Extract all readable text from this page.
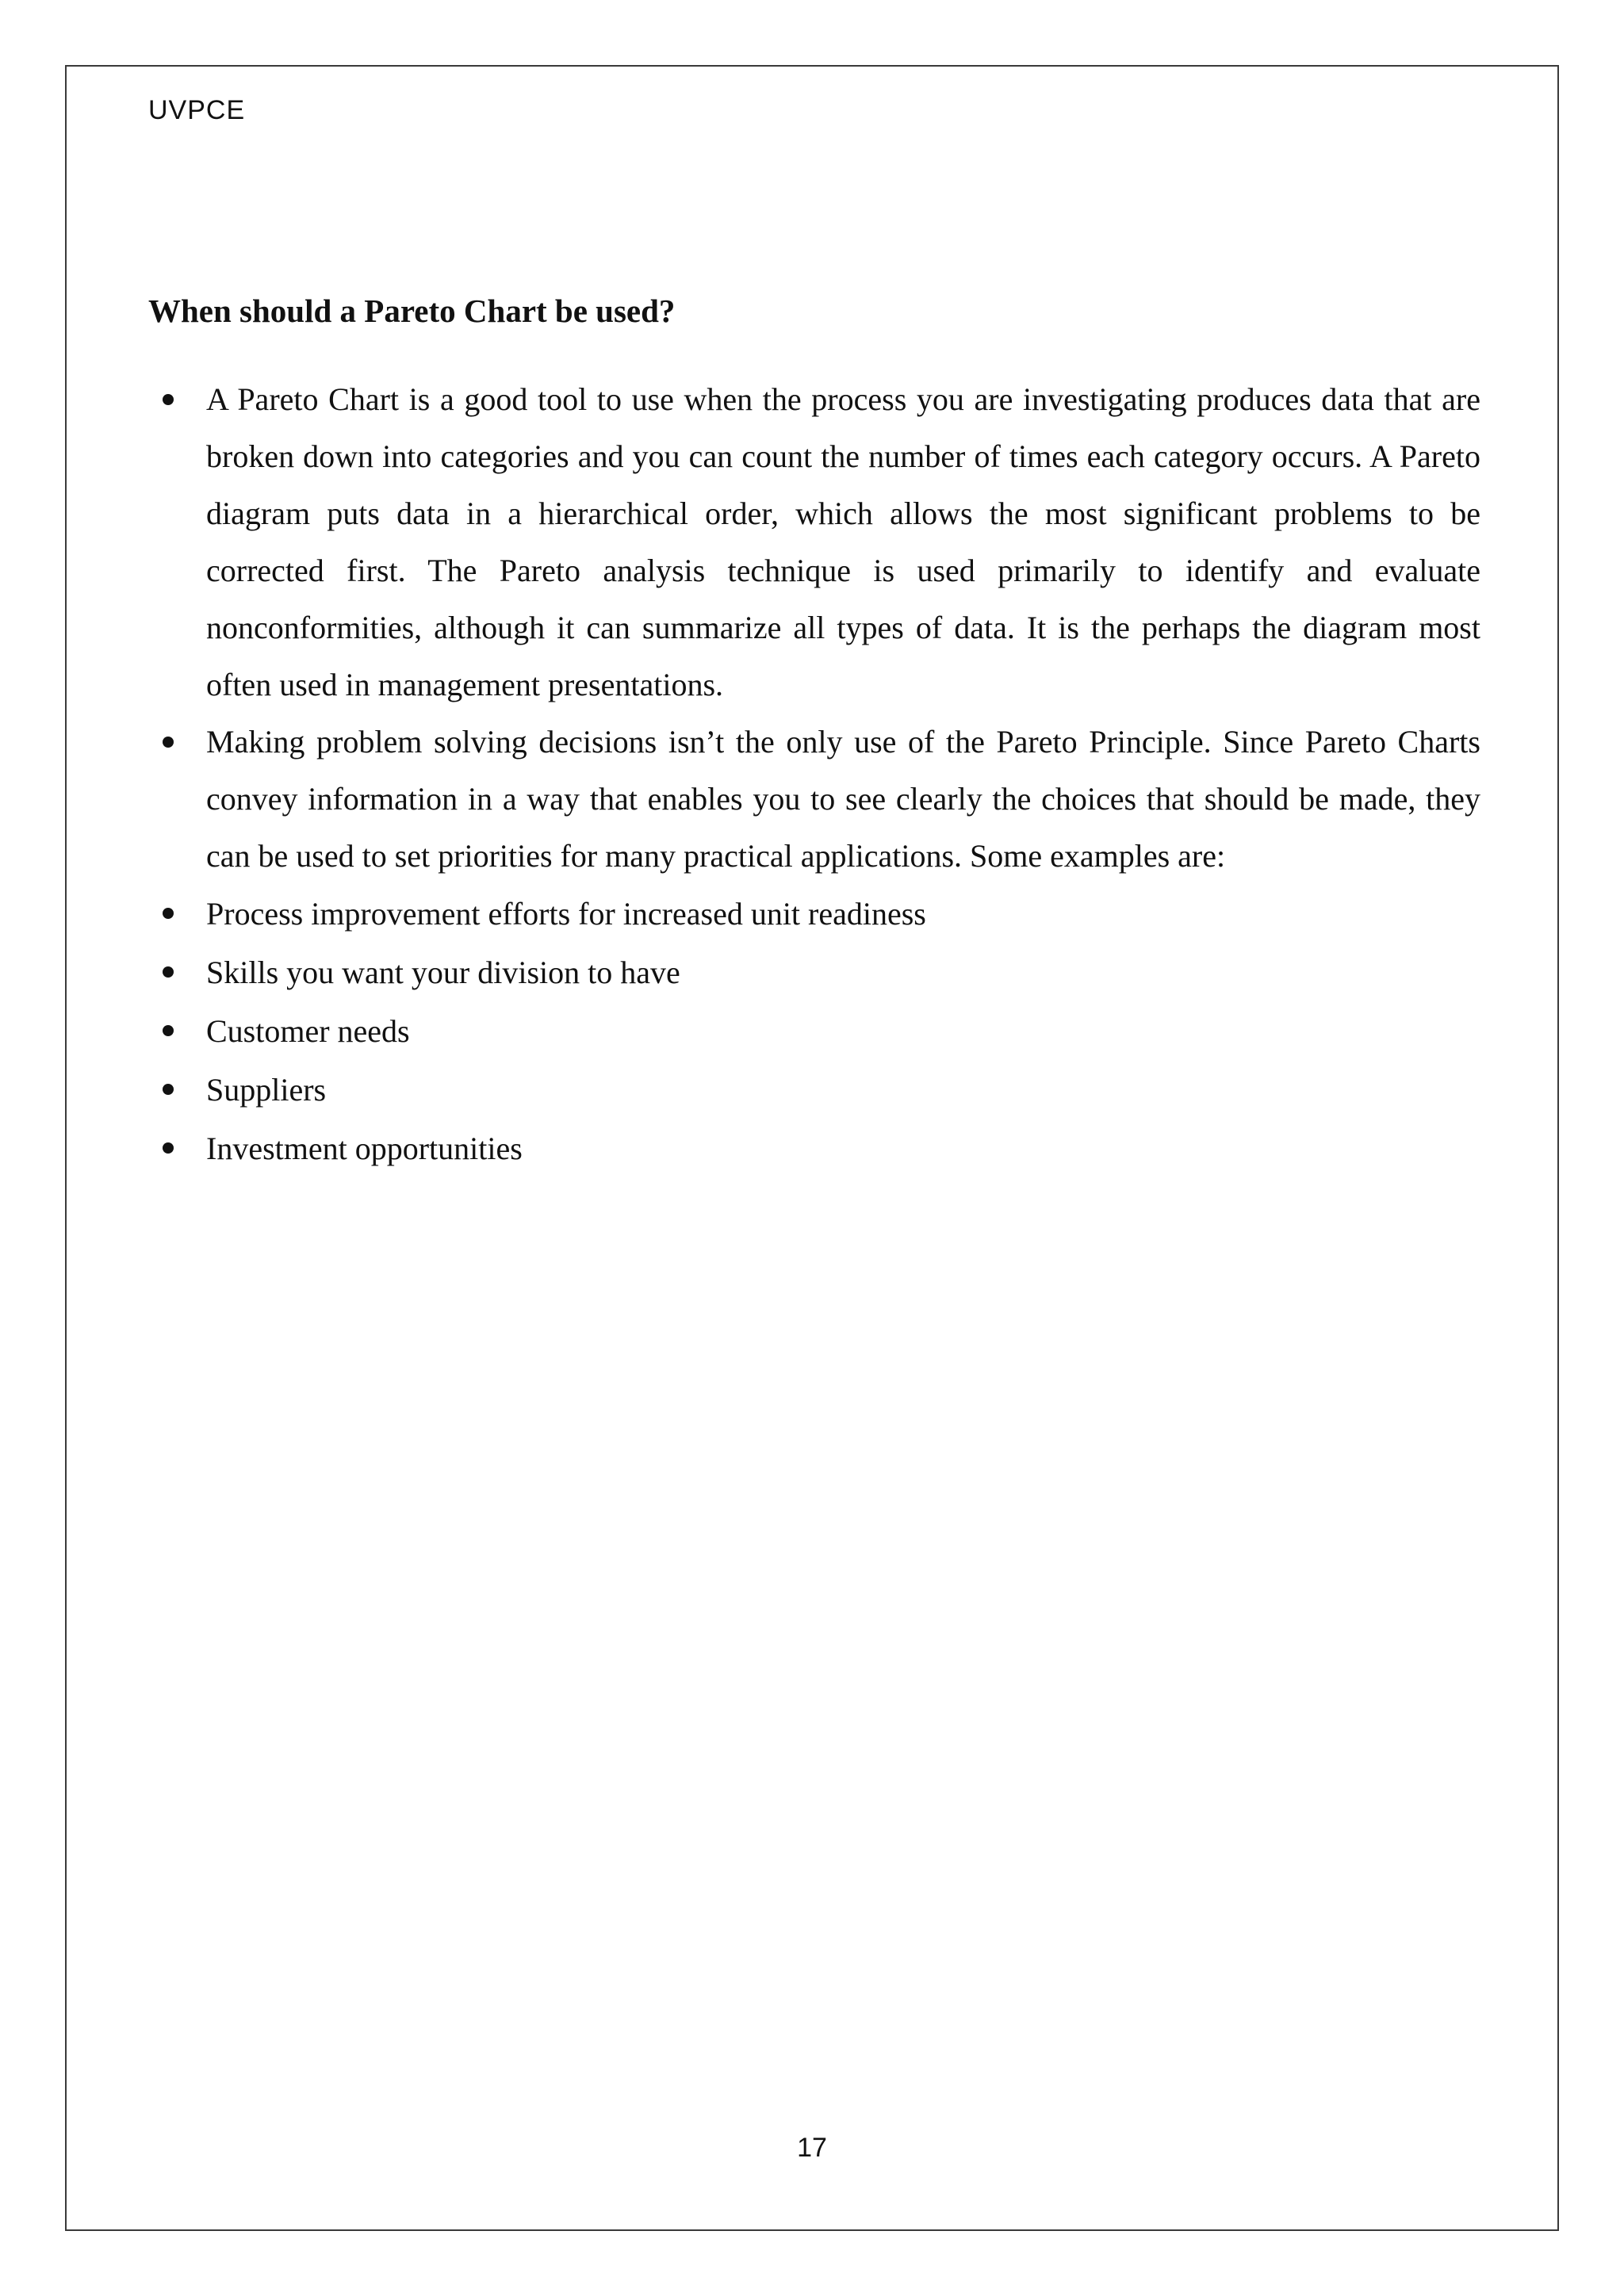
UVPCE
When should a Pareto Chart be used?
A Pareto Chart is a good tool to use when the process you are investigating produces data that are broken down into categories and you can count the number of times each category occurs. A Pareto diagram puts data in a hierarchical order, which allows the most significant problems to be corrected first. The Pareto analysis technique is used primarily to identify and evaluate nonconformities, although it can summarize all types of data. It is the perhaps the diagram most often used in management presentations.
Making problem solving decisions isn’t the only use of the Pareto Principle. Since Pareto Charts convey information in a way that enables you to see clearly the choices that should be made, they can be used to set priorities for many practical applications. Some examples are:
Process improvement efforts for increased unit readiness
Skills you want your division to have
Customer needs
Suppliers
Investment opportunities
17
